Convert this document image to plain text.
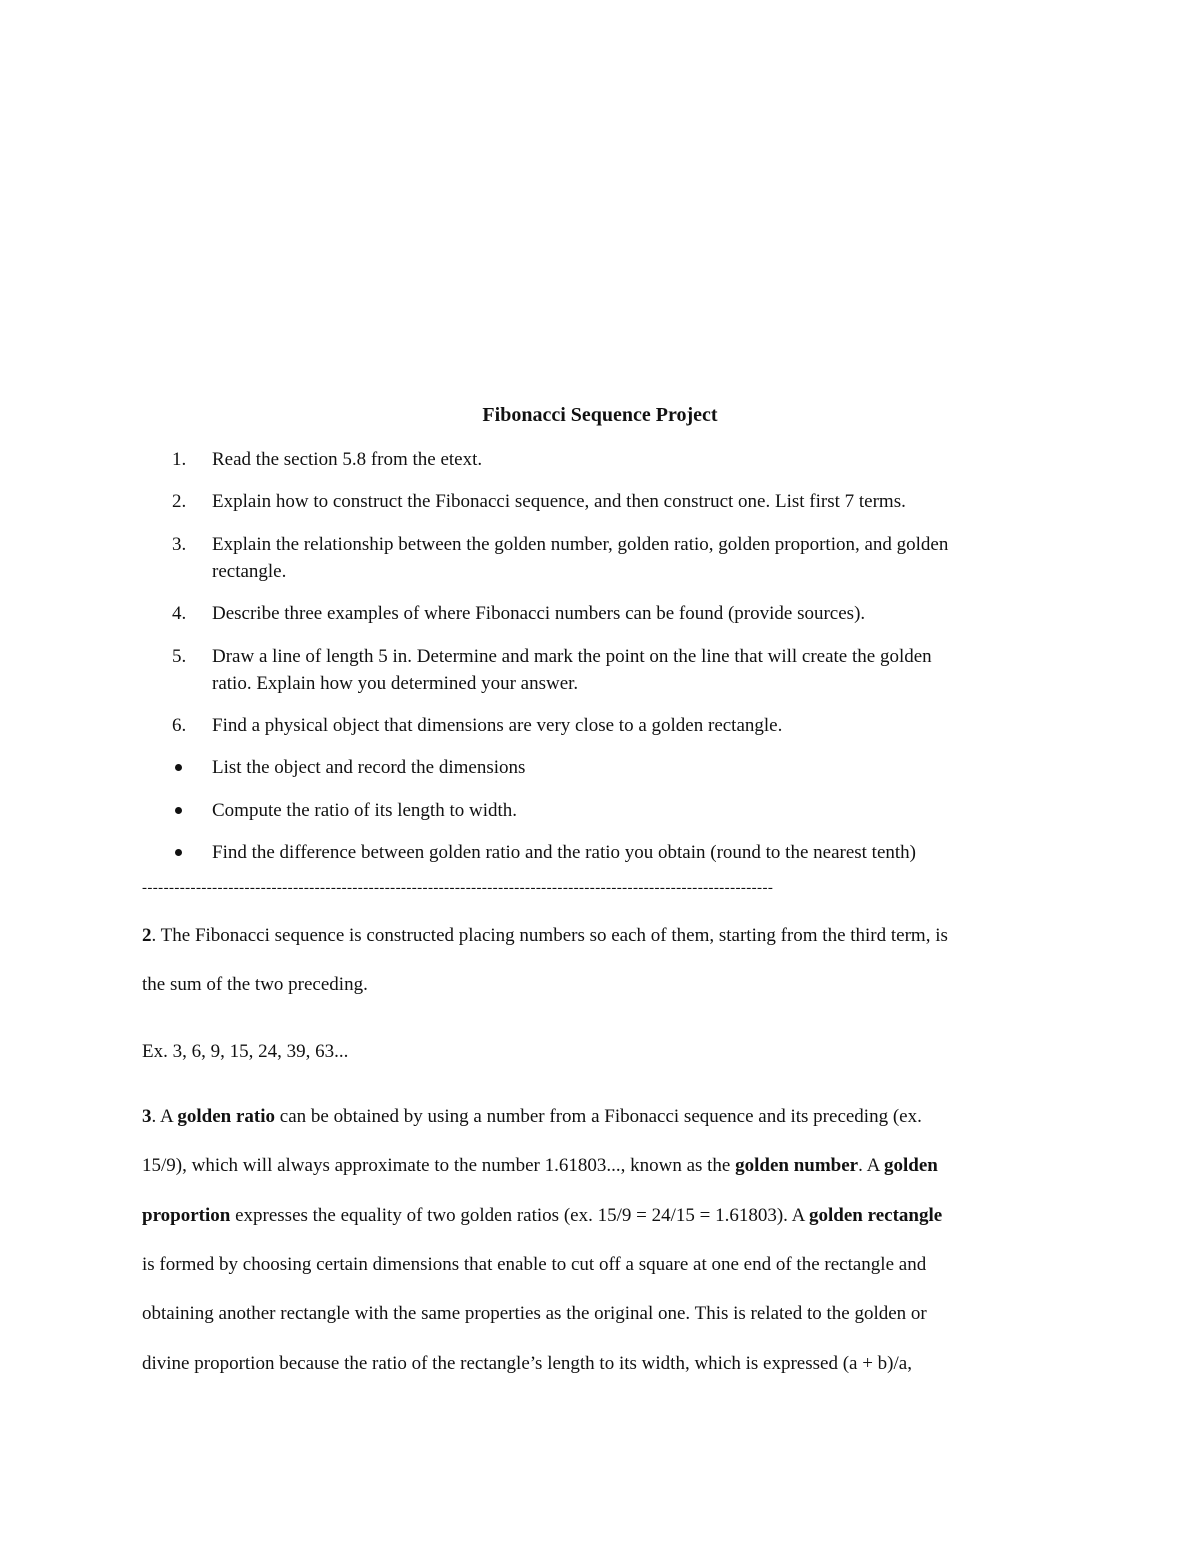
Fibonacci Sequence Project
1. Read the section 5.8 from the etext.
2. Explain how to construct the Fibonacci sequence, and then construct one. List first 7 terms.
3. Explain the relationship between the golden number, golden ratio, golden proportion, and golden
rectangle.
4. Describe three examples of where Fibonacci numbers can be found (provide sources).
5. Draw a line of length 5 in. Determine and mark the point on the line that will create the golden
ratio. Explain how you determined your answer.
6. Find a physical object that dimensions are very close to a golden rectangle.
List the object and record the dimensions
Compute the ratio of its length to width.
Find the difference between golden ratio and the ratio you obtain (round to the nearest tenth)
---------------------------------------------------------------------------------------------------------------------
2. The Fibonacci sequence is constructed placing numbers so each of them, starting from the third term, is
the sum of the two preceding.
Ex. 3, 6, 9, 15, 24, 39, 63...
3. A golden ratio can be obtained by using a number from a Fibonacci sequence and its preceding (ex.
15/9), which will always approximate to the number 1.61803..., known as the golden number. A golden
proportion expresses the equality of two golden ratios (ex. 15/9 = 24/15 = 1.61803). A golden rectangle
is formed by choosing certain dimensions that enable to cut off a square at one end of the rectangle and
obtaining another rectangle with the same properties as the original one. This is related to the golden or
divine proportion because the ratio of the rectangle’s length to its width, which is expressed (a + b)/a,
